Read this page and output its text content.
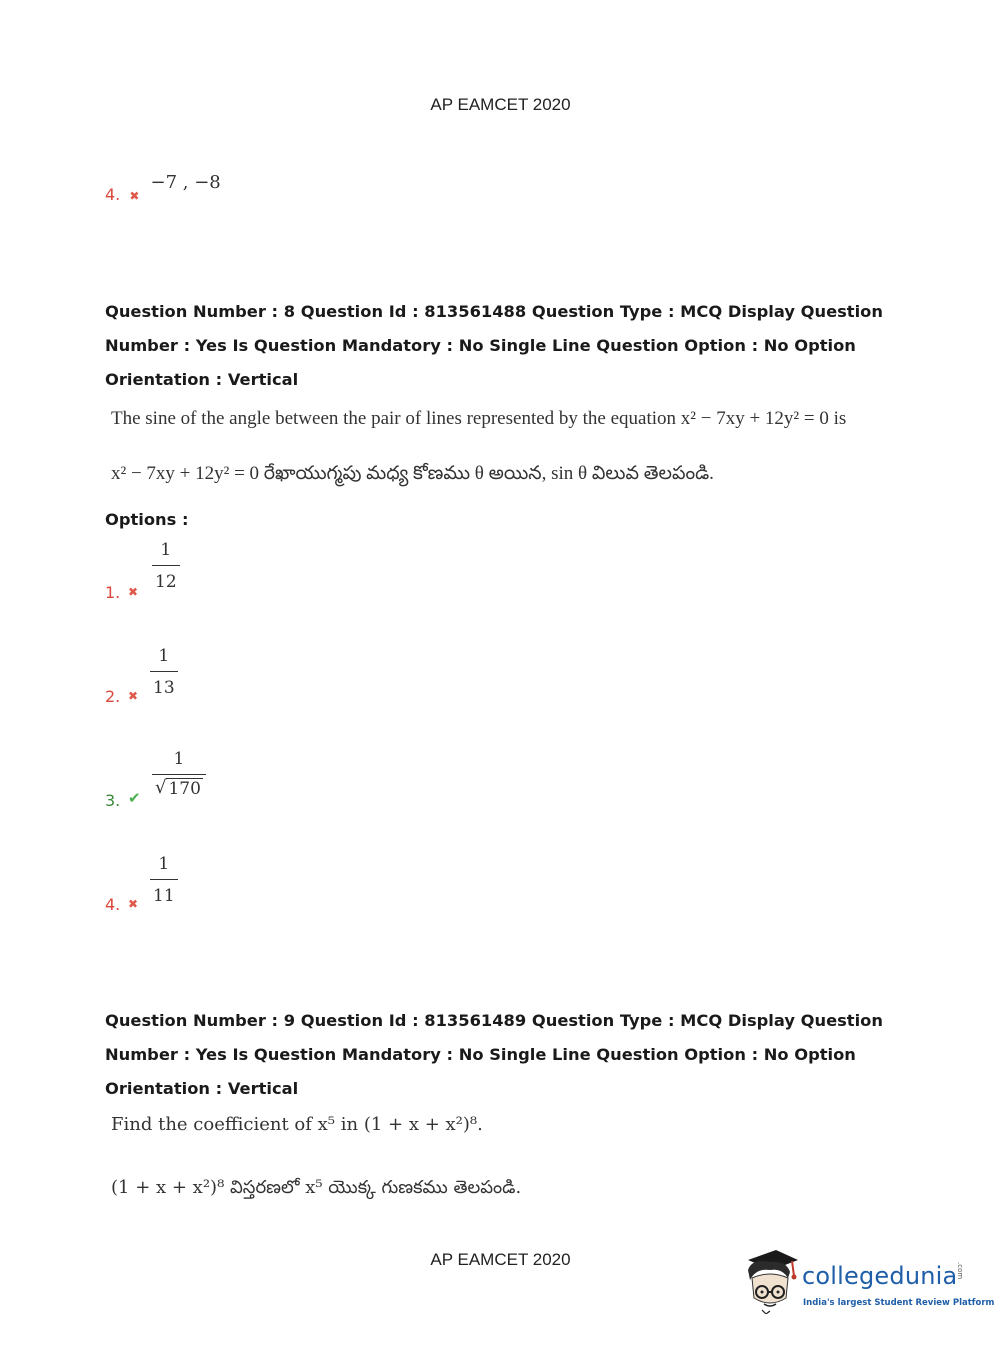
AP EAMCET 2020
4. $_✖$ −7 , −8
Question Number : 8 Question Id : 813561488 Question Type : MCQ Display Question Number : Yes Is Question Mandatory : No Single Line Question Option : No Option Orientation : Vertical
The sine of the angle between the pair of lines represented by the equation x² − 7xy + 12y² = 0 is
x² − 7xy + 12y² = 0 రేఖాయుగ్మపు మధ్య కోణము θ అయిన, sin θ విలువ తెలపండి.
Options :
1. ✖ $\frac{1}{12}$
2. ✖ $\frac{1}{13}$
3. ✔ $\frac{1}{√ 170}$
4. ✖ $\frac{1}{11}$
Question Number : 9 Question Id : 813561489 Question Type : MCQ Display Question Number : Yes Is Question Mandatory : No Single Line Question Option : No Option Orientation : Vertical
Find the coefficient of x⁵ in (1 + x + x²)⁸.
(1 + x + x²)⁸ విస్తరణలో x⁵ యొక్క గుణకము తెలపండి.
AP EAMCET 2020
collegedunia
.com
India's largest Student Review Platform
